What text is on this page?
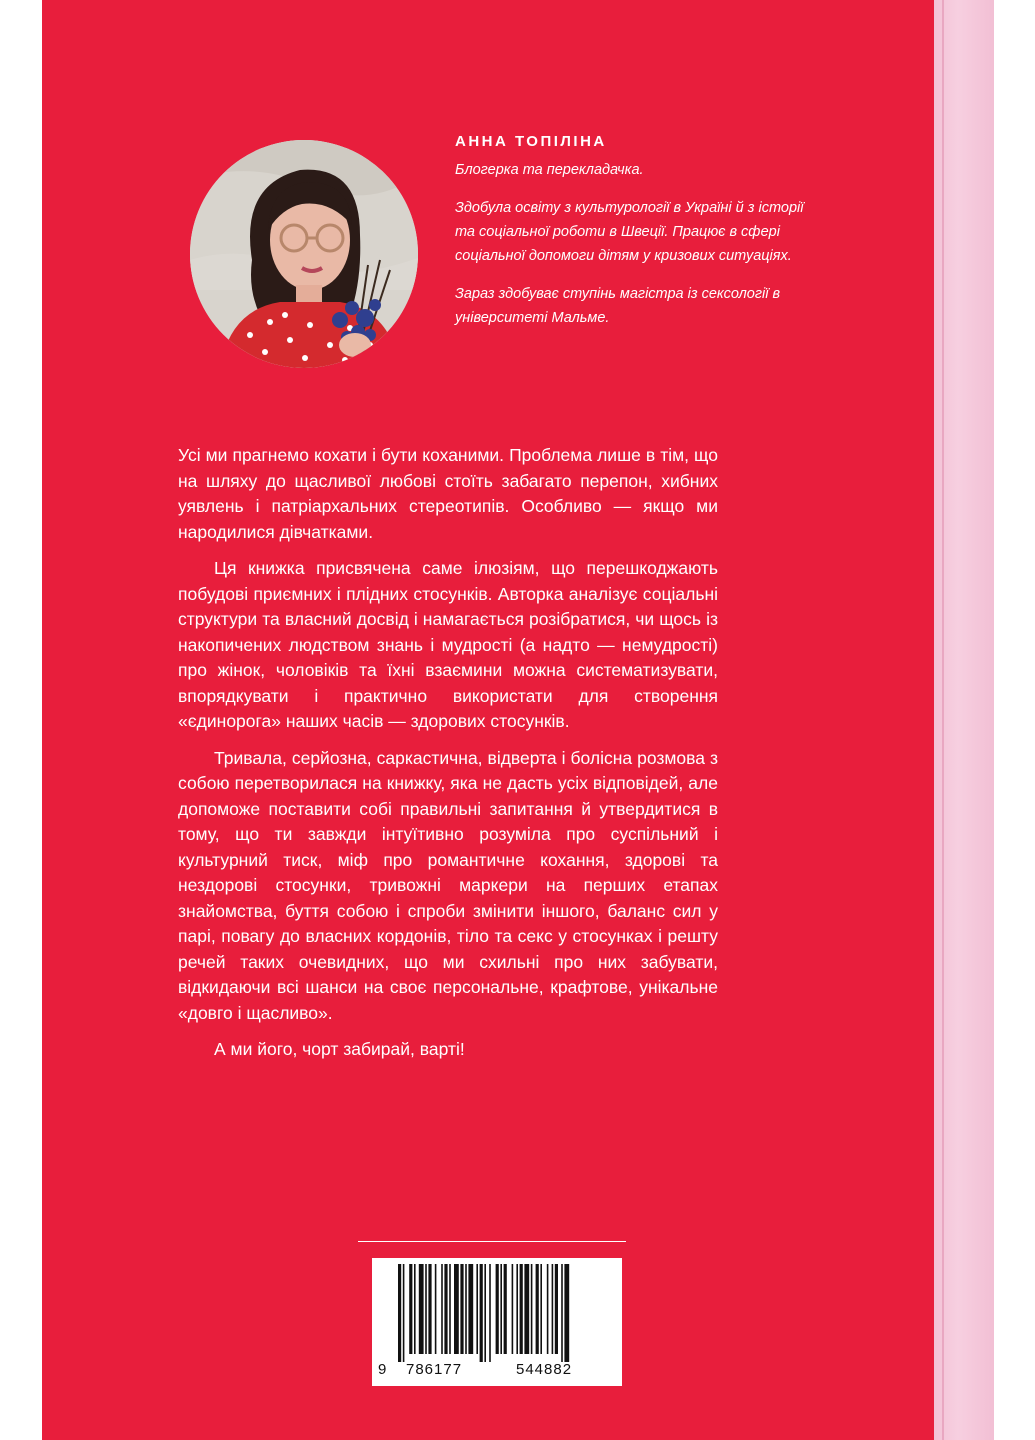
АННА ТОПІЛІНА

Блогерка та перекладачка.

Здобула освіту з культурології в Україні й з історії та соціальної роботи в Швеції. Працює в сфері соціальної допомоги дітям у кризових ситуаціях.

Зараз здобуває ступінь магістра із сексології в університеті Мальме.

Усі ми прагнемо кохати і бути коханими. Проблема лише в тім, що на шляху до щасливої любові стоїть забагато перепон, хибних уявлень і патріархальних стереотипів. Особливо — якщо ми народилися дівчатками.

Ця книжка присвячена саме ілюзіям, що перешкоджають побудові приємних і плідних стосунків. Авторка аналізує соціальні структури та власний досвід і намагається розібратися, чи щось із накопичених людством знань і мудрості (а надто — немудрості) про жінок, чоловіків та їхні взаємини можна систематизувати, впорядкувати і практично використати для створення «єдинорога» наших часів — здорових стосунків.

Тривала, серйозна, саркастична, відверта і болісна розмова з собою перетворилася на книжку, яка не дасть усіх відповідей, але допоможе поставити собі правильні запитання й утвердитися в тому, що ти завжди інтуїтивно розуміла про суспільний і культурний тиск, міф про романтичне кохання, здорові та нездорові стосунки, тривожні маркери на перших етапах знайомства, буття собою і спроби змінити іншого, баланс сил у парі, повагу до власних кордонів, тіло та секс у стосунках і решту речей таких очевидних, що ми схильні про них забувати, відкидаючи всі шанси на своє персональне, крафтове, унікальне «довго і щасливо».

А ми його, чорт забирай, варті!

9 786177	544882
